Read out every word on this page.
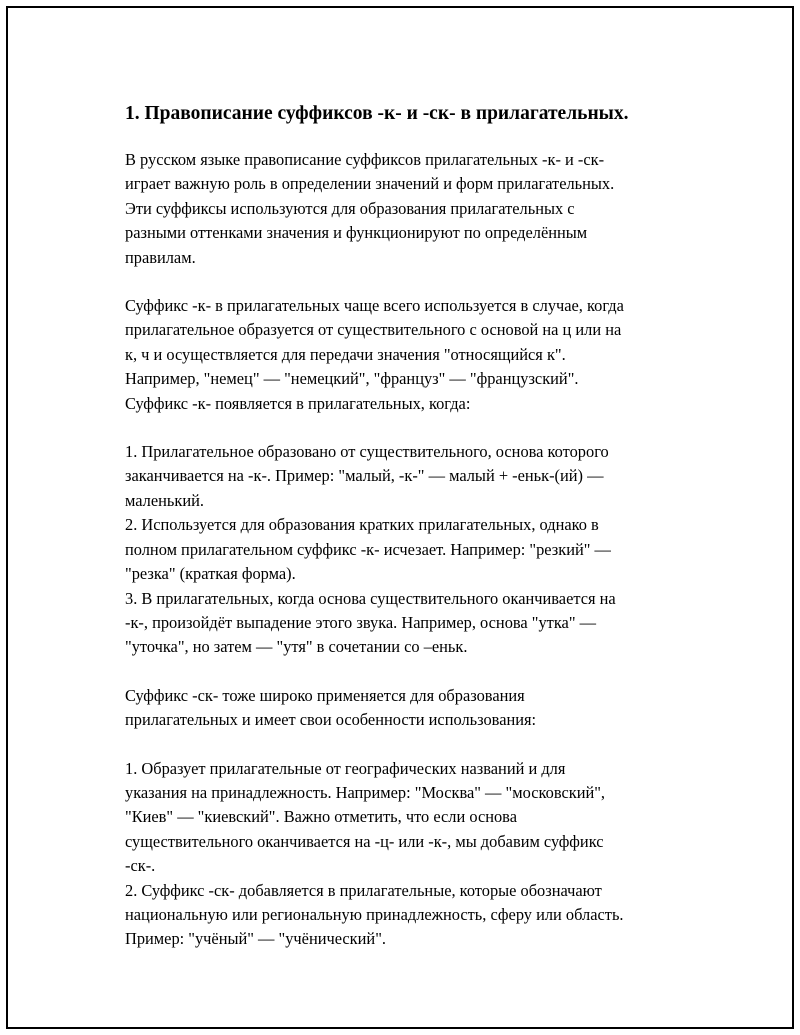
1. Правописание суффиксов -к- и -ск- в прилагательных.
В русском языке правописание суффиксов прилагательных -к- и -ск-
играет важную роль в определении значений и форм прилагательных.
Эти суффиксы используются для образования прилагательных с
разными оттенками значения и функционируют по определённым
правилам.
Суффикс -к- в прилагательных чаще всего используется в случае, когда
прилагательное образуется от существительного с основой на ц или на
к, ч и осуществляется для передачи значения "относящийся к".
Например, "немец" — "немецкий", "француз" — "французский".
Суффикс -к- появляется в прилагательных, когда:
1. Прилагательное образовано от существительного, основа которого
заканчивается на -к-. Пример: "малый, -к-" — малый + -еньк-(ий) —
маленький.
2. Используется для образования кратких прилагательных, однако в
полном прилагательном суффикс -к- исчезает. Например: "резкий" —
"резка" (краткая форма).
3. В прилагательных, когда основа существительного оканчивается на
-к-, произойдёт выпадение этого звука. Например, основа "утка" —
"уточка", но затем — "утя" в сочетании со –еньк.
Суффикс -ск- тоже широко применяется для образования
прилагательных и имеет свои особенности использования:
1. Образует прилагательные от географических названий и для
указания на принадлежность. Например: "Москва" — "московский",
"Киев" — "киевский". Важно отметить, что если основа
существительного оканчивается на -ц- или -к-, мы добавим суффикс
-ск-.
2. Суффикс -ск- добавляется в прилагательные, которые обозначают
национальную или региональную принадлежность, сферу или область.
Пример: "учёный" — "учёнический".
